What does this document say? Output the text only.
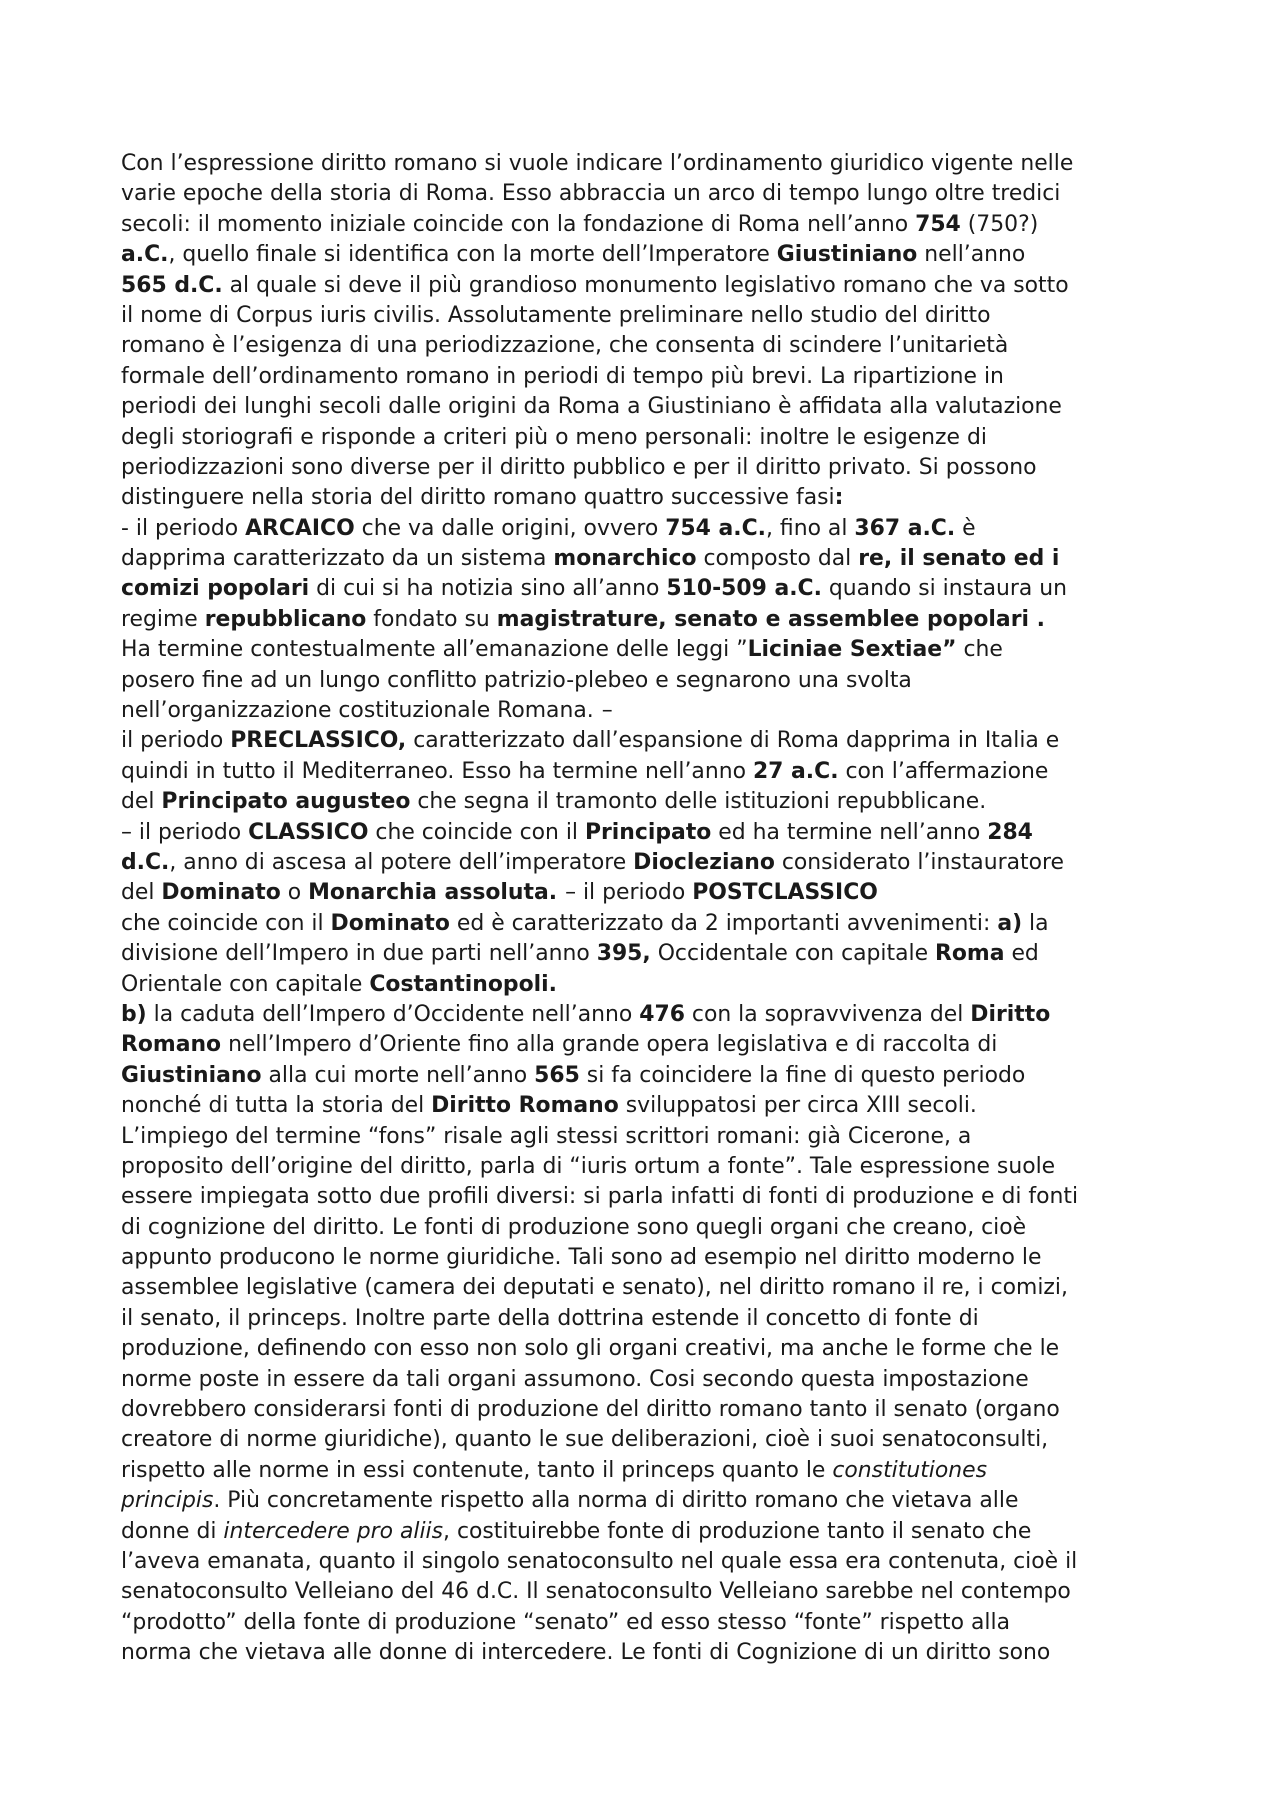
Con l’espressione diritto romano si vuole indicare l’ordinamento giuridico vigente nelle
varie epoche della storia di Roma. Esso abbraccia un arco di tempo lungo oltre tredici
secoli: il momento iniziale coincide con la fondazione di Roma nell’anno 754 (750?)
a.C., quello finale si identifica con la morte dell’Imperatore Giustiniano nell’anno
565 d.C. al quale si deve il più grandioso monumento legislativo romano che va sotto
il nome di Corpus iuris civilis. Assolutamente preliminare nello studio del diritto
romano è l’esigenza di una periodizzazione, che consenta di scindere l’unitarietà
formale dell’ordinamento romano in periodi di tempo più brevi. La ripartizione in
periodi dei lunghi secoli dalle origini da Roma a Giustiniano è affidata alla valutazione
degli storiografi e risponde a criteri più o meno personali: inoltre le esigenze di
periodizzazioni sono diverse per il diritto pubblico e per il diritto privato. Si possono
distinguere nella storia del diritto romano quattro successive fasi:
- il periodo ARCAICO che va dalle origini, ovvero 754 a.C., fino al 367 a.C. è
dapprima caratterizzato da un sistema monarchico composto dal re, il senato ed i
comizi popolari di cui si ha notizia sino all’anno 510-509 a.C. quando si instaura un
regime repubblicano fondato su magistrature, senato e assemblee popolari .
Ha termine contestualmente all’emanazione delle leggi ”Liciniae Sextiae” che
posero fine ad un lungo conflitto patrizio-plebeo e segnarono una svolta
nell’organizzazione costituzionale Romana. –
il periodo PRECLASSICO, caratterizzato dall’espansione di Roma dapprima in Italia e
quindi in tutto il Mediterraneo. Esso ha termine nell’anno 27 a.C. con l’affermazione
del Principato augusteo che segna il tramonto delle istituzioni repubblicane.
– il periodo CLASSICO che coincide con il Principato ed ha termine nell’anno 284
d.C., anno di ascesa al potere dell’imperatore Diocleziano considerato l’instauratore
del Dominato o Monarchia assoluta. – il periodo POSTCLASSICO
che coincide con il Dominato ed è caratterizzato da 2 importanti avvenimenti: a) la
divisione dell’Impero in due parti nell’anno 395, Occidentale con capitale Roma ed
Orientale con capitale Costantinopoli.
b) la caduta dell’Impero d’Occidente nell’anno 476 con la sopravvivenza del Diritto
Romano nell’Impero d’Oriente fino alla grande opera legislativa e di raccolta di
Giustiniano alla cui morte nell’anno 565 si fa coincidere la fine di questo periodo
nonché di tutta la storia del Diritto Romano sviluppatosi per circa XIII secoli.
L’impiego del termine “fons” risale agli stessi scrittori romani: già Cicerone, a
proposito dell’origine del diritto, parla di “iuris ortum a fonte”. Tale espressione suole
essere impiegata sotto due profili diversi: si parla infatti di fonti di produzione e di fonti
di cognizione del diritto. Le fonti di produzione sono quegli organi che creano, cioè
appunto producono le norme giuridiche. Tali sono ad esempio nel diritto moderno le
assemblee legislative (camera dei deputati e senato), nel diritto romano il re, i comizi,
il senato, il princeps. Inoltre parte della dottrina estende il concetto di fonte di
produzione, definendo con esso non solo gli organi creativi, ma anche le forme che le
norme poste in essere da tali organi assumono. Cosi secondo questa impostazione
dovrebbero considerarsi fonti di produzione del diritto romano tanto il senato (organo
creatore di norme giuridiche), quanto le sue deliberazioni, cioè i suoi senatoconsulti,
rispetto alle norme in essi contenute, tanto il princeps quanto le constitutiones
principis. Più concretamente rispetto alla norma di diritto romano che vietava alle
donne di intercedere pro aliis, costituirebbe fonte di produzione tanto il senato che
l’aveva emanata, quanto il singolo senatoconsulto nel quale essa era contenuta, cioè il
senatoconsulto Velleiano del 46 d.C. Il senatoconsulto Velleiano sarebbe nel contempo
“prodotto” della fonte di produzione “senato” ed esso stesso “fonte” rispetto alla
norma che vietava alle donne di intercedere. Le fonti di Cognizione di un diritto sono
